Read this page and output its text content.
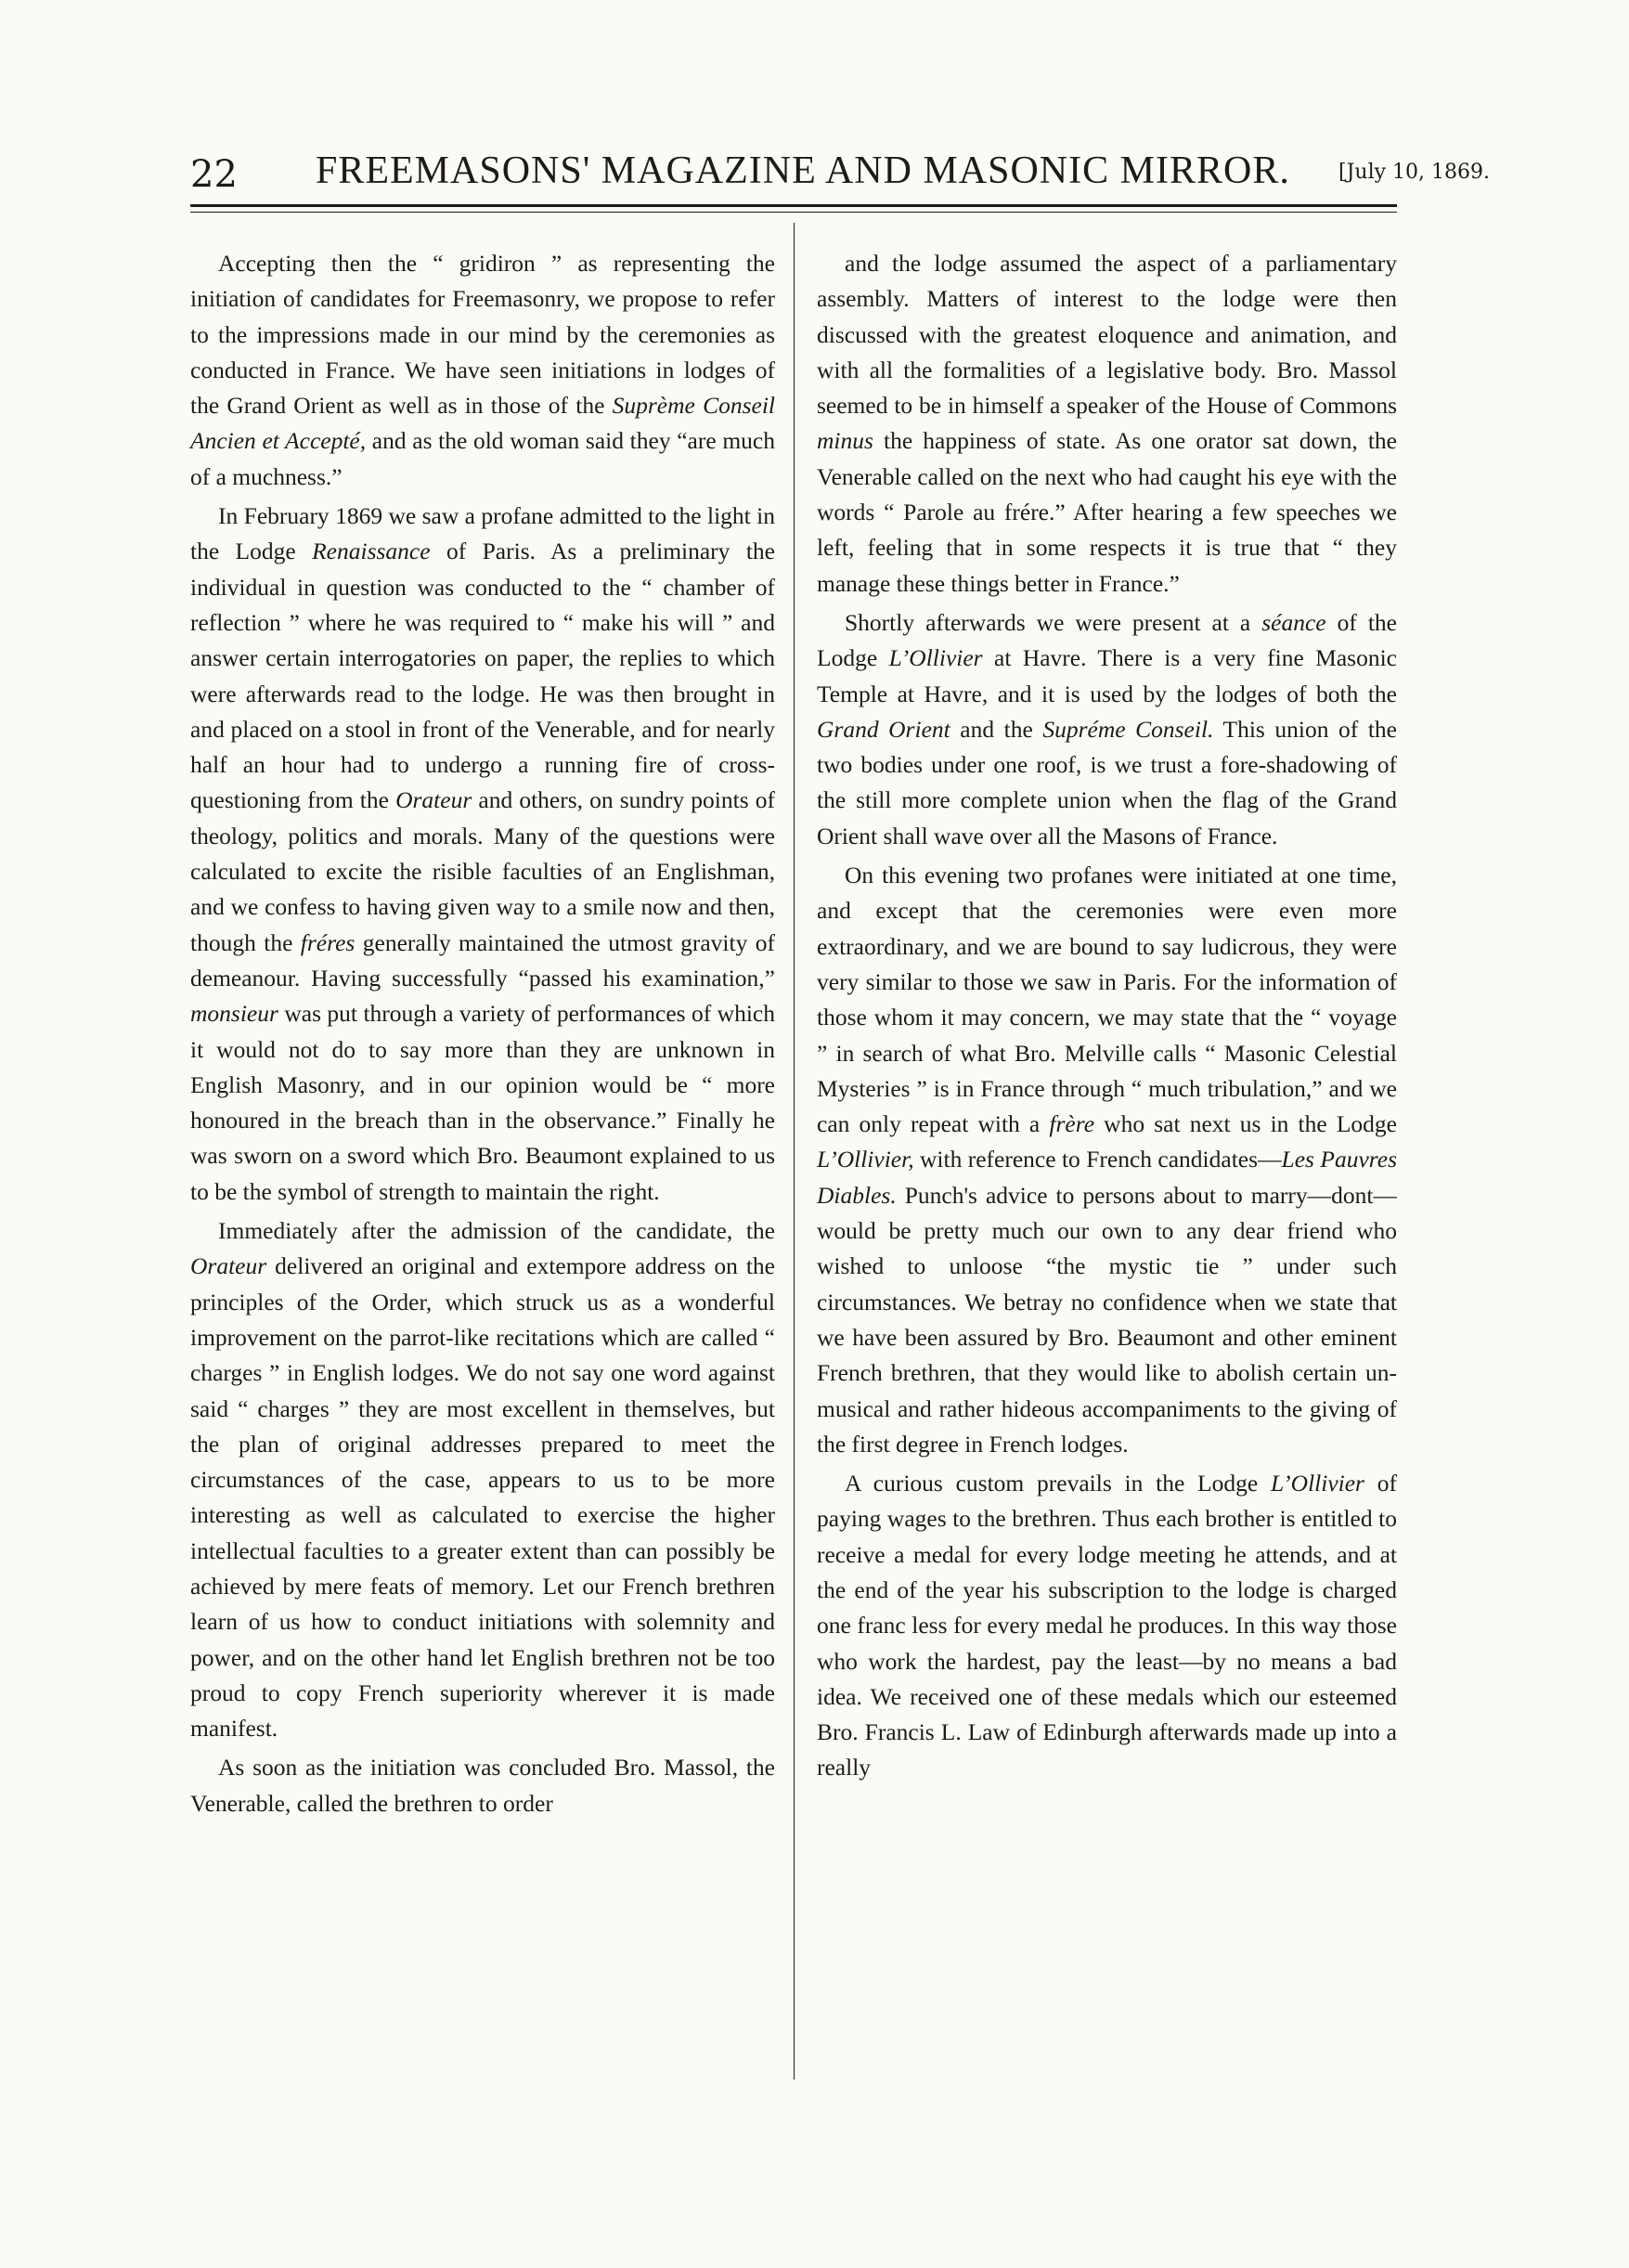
22 FREEMASONS' MAGAZINE AND MASONIC MIRROR. [July 10, 1869.

Accepting then the “ gridiron ” as representing the initiation of candidates for Freemasonry, we propose to refer to the impressions made in our mind by the ceremonies as conducted in France. We have seen initiations in lodges of the Grand Orient as well as in those of the Suprème Conseil Ancien et Accepté, and as the old woman said they “are much of a muchness.”

In February 1869 we saw a profane admitted to the light in the Lodge Renaissance of Paris. As a preliminary the individual in question was conducted to the “ chamber of reflection ” where he was required to “ make his will ” and answer certain interrogatories on paper, the replies to which were afterwards read to the lodge. He was then brought in and placed on a stool in front of the Venerable, and for nearly half an hour had to undergo a running fire of cross-questioning from the Orateur and others, on sundry points of theology, politics and morals. Many of the questions were calculated to excite the risible faculties of an Englishman, and we confess to having given way to a smile now and then, though the fréres generally maintained the utmost gravity of demeanour. Having successfully “passed his examination,” monsieur was put through a variety of performances of which it would not do to say more than they are unknown in English Masonry, and in our opinion would be “ more honoured in the breach than in the observance.” Finally he was sworn on a sword which Bro. Beaumont explained to us to be the symbol of strength to maintain the right.

Immediately after the admission of the candidate, the Orateur delivered an original and extempore address on the principles of the Order, which struck us as a wonderful improvement on the parrot-like recitations which are called “ charges ” in English lodges. We do not say one word against said “ charges ” they are most excellent in themselves, but the plan of original addresses prepared to meet the circumstances of the case, appears to us to be more interesting as well as calculated to exercise the higher intellectual faculties to a greater extent than can possibly be achieved by mere feats of memory. Let our French brethren learn of us how to conduct initiations with solemnity and power, and on the other hand let English brethren not be too proud to copy French superiority wherever it is made manifest.

As soon as the initiation was concluded Bro. Massol, the Venerable, called the brethren to order

and the lodge assumed the aspect of a parliamentary assembly. Matters of interest to the lodge were then discussed with the greatest eloquence and animation, and with all the formalities of a legislative body. Bro. Massol seemed to be in himself a speaker of the House of Commons minus the happiness of state. As one orator sat down, the Venerable called on the next who had caught his eye with the words “ Parole au frére.” After hearing a few speeches we left, feeling that in some respects it is true that “ they manage these things better in France.”

Shortly afterwards we were present at a séance of the Lodge L’Ollivier at Havre. There is a very fine Masonic Temple at Havre, and it is used by the lodges of both the Grand Orient and the Supréme Conseil. This union of the two bodies under one roof, is we trust a fore-shadowing of the still more complete union when the flag of the Grand Orient shall wave over all the Masons of France.

On this evening two profanes were initiated at one time, and except that the ceremonies were even more extraordinary, and we are bound to say ludicrous, they were very similar to those we saw in Paris. For the information of those whom it may concern, we may state that the “ voyage ” in search of what Bro. Melville calls “ Masonic Celestial Mysteries ” is in France through “ much tribulation,” and we can only repeat with a frère who sat next us in the Lodge L’Ollivier, with reference to French candidates—Les Pauvres Diables. Punch's advice to persons about to marry—dont—would be pretty much our own to any dear friend who wished to unloose “the mystic tie ” under such circumstances. We betray no confidence when we state that we have been assured by Bro. Beaumont and other eminent French brethren, that they would like to abolish certain un-musical and rather hideous accompaniments to the giving of the first degree in French lodges.

A curious custom prevails in the Lodge L’Ollivier of paying wages to the brethren. Thus each brother is entitled to receive a medal for every lodge meeting he attends, and at the end of the year his subscription to the lodge is charged one franc less for every medal he produces. In this way those who work the hardest, pay the least—by no means a bad idea. We received one of these medals which our esteemed Bro. Francis L. Law of Edinburgh afterwards made up into a really
